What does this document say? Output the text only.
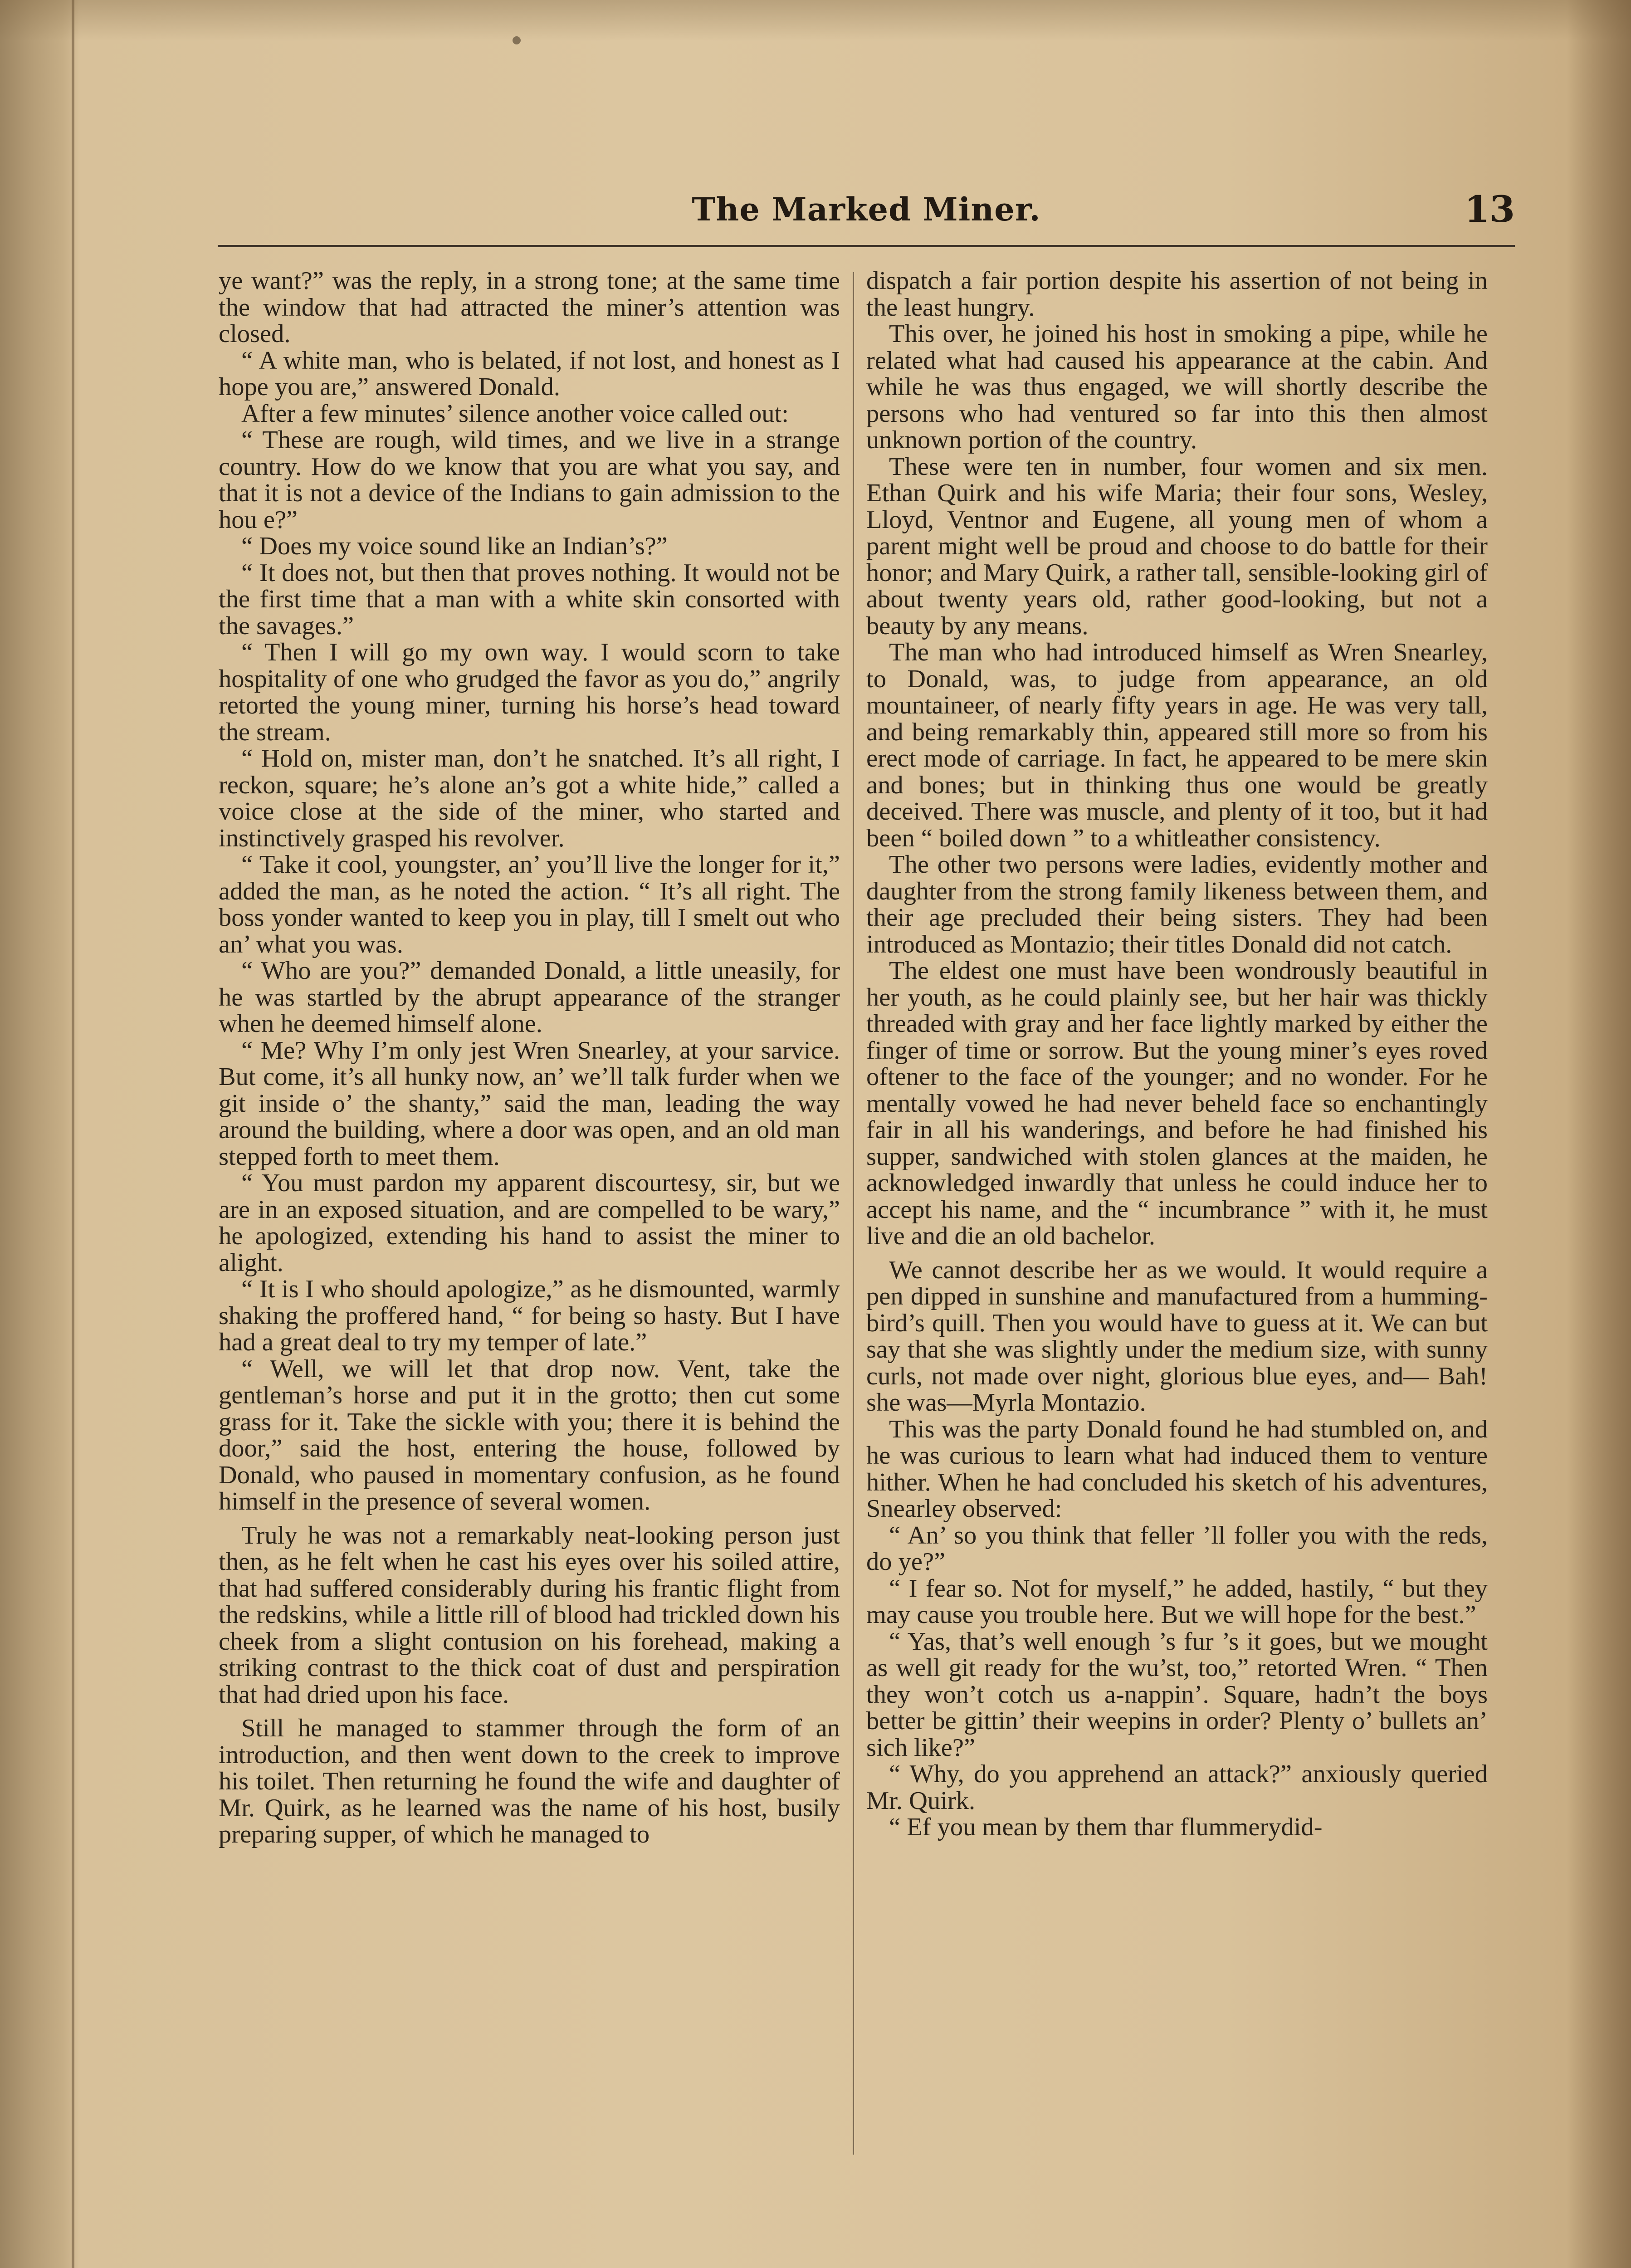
The Marked Miner.	13

ye want?” was the reply, in a strong tone; at the same time the window that had attracted the miner’s attention was closed.

“ A white man, who is belated, if not lost, and honest as I hope you are,” answered Donald.

After a few minutes’ silence another voice called out:

“ These are rough, wild times, and we live in a strange country. How do we know that you are what you say, and that it is not a device of the Indians to gain admission to the hou e?”

“ Does my voice sound like an Indian’s?”

“ It does not, but then that proves nothing. It would not be the first time that a man with a white skin consorted with the savages.”

“ Then I will go my own way. I would scorn to take hospitality of one who grudged the favor as you do,” angrily retorted the young miner, turning his horse’s head toward the stream.

“ Hold on, mister man, don’t he snatched. It’s all right, I reckon, square; he’s alone an’s got a white hide,” called a voice close at the side of the miner, who started and instinctively grasped his revolver.

“ Take it cool, youngster, an’ you’ll live the longer for it,” added the man, as he noted the action. “ It’s all right. The boss yonder wanted to keep you in play, till I smelt out who an’ what you was.

“ Who are you?” demanded Donald, a little uneasily, for he was startled by the abrupt appearance of the stranger when he deemed himself alone.

“ Me? Why I’m only jest Wren Snearley, at your sarvice. But come, it’s all hunky now, an’ we’ll talk furder when we git inside o’ the shanty,” said the man, leading the way around the building, where a door was open, and an old man stepped forth to meet them.

“ You must pardon my apparent discourtesy, sir, but we are in an exposed situation, and are compelled to be wary,” he apologized, extending his hand to assist the miner to alight.

“ It is I who should apologize,” as he dismounted, warmly shaking the proffered hand, “ for being so hasty. But I have had a great deal to try my temper of late.”

“ Well, we will let that drop now. Vent, take the gentleman’s horse and put it in the grotto; then cut some grass for it. Take the sickle with you; there it is behind the door,” said the host, entering the house, followed by Donald, who paused in momentary confusion, as he found himself in the presence of several women.

Truly he was not a remarkably neat-looking person just then, as he felt when he cast his eyes over his soiled attire, that had suffered considerably during his frantic flight from the redskins, while a little rill of blood had trickled down his cheek from a slight contusion on his forehead, making a striking contrast to the thick coat of dust and perspiration that had dried upon his face.

Still he managed to stammer through the form of an introduction, and then went down to the creek to improve his toilet. Then returning he found the wife and daughter of Mr. Quirk, as he learned was the name of his host, busily preparing supper, of which he managed to

dispatch a fair portion despite his assertion of not being in the least hungry.

This over, he joined his host in smoking a pipe, while he related what had caused his appearance at the cabin. And while he was thus engaged, we will shortly describe the persons who had ventured so far into this then almost unknown portion of the country.

These were ten in number, four women and six men. Ethan Quirk and his wife Maria; their four sons, Wesley, Lloyd, Ventnor and Eugene, all young men of whom a parent might well be proud and choose to do battle for their honor; and Mary Quirk, a rather tall, sensible-looking girl of about twenty years old, rather good-looking, but not a beauty by any means.

The man who had introduced himself as Wren Snearley, to Donald, was, to judge from appearance, an old mountaineer, of nearly fifty years in age. He was very tall, and being remarkably thin, appeared still more so from his erect mode of carriage. In fact, he appeared to be mere skin and bones; but in thinking thus one would be greatly deceived. There was muscle, and plenty of it too, but it had been “ boiled down ” to a whitleather consistency.

The other two persons were ladies, evidently mother and daughter from the strong family likeness between them, and their age precluded their being sisters. They had been introduced as Montazio; their titles Donald did not catch.

The eldest one must have been wondrously beautiful in her youth, as he could plainly see, but her hair was thickly threaded with gray and her face lightly marked by either the finger of time or sorrow. But the young miner’s eyes roved oftener to the face of the younger; and no wonder. For he mentally vowed he had never beheld face so enchantingly fair in all his wanderings, and before he had finished his supper, sandwiched with stolen glances at the maiden, he acknowledged inwardly that unless he could induce her to accept his name, and the “ incumbrance ” with it, he must live and die an old bachelor.

We cannot describe her as we would. It would require a pen dipped in sunshine and manufactured from a humming-bird’s quill. Then you would have to guess at it. We can but say that she was slightly under the medium size, with sunny curls, not made over night, glorious blue eyes, and— Bah! she was—Myrla Montazio.

This was the party Donald found he had stumbled on, and he was curious to learn what had induced them to venture hither. When he had concluded his sketch of his adventures, Snearley observed:

“ An’ so you think that feller ’ll foller you with the reds, do ye?”

“ I fear so. Not for myself,” he added, hastily, “ but they may cause you trouble here. But we will hope for the best.”

“ Yas, that’s well enough ’s fur ’s it goes, but we mought as well git ready for the wu’st, too,” retorted Wren. “ Then they won’t cotch us a-nappin’. Square, hadn’t the boys better be gittin’ their weepins in order? Plenty o’ bullets an’ sich like?”

“ Why, do you apprehend an attack?” anxiously queried Mr. Quirk.

“ Ef you mean by them thar flummerydid-
